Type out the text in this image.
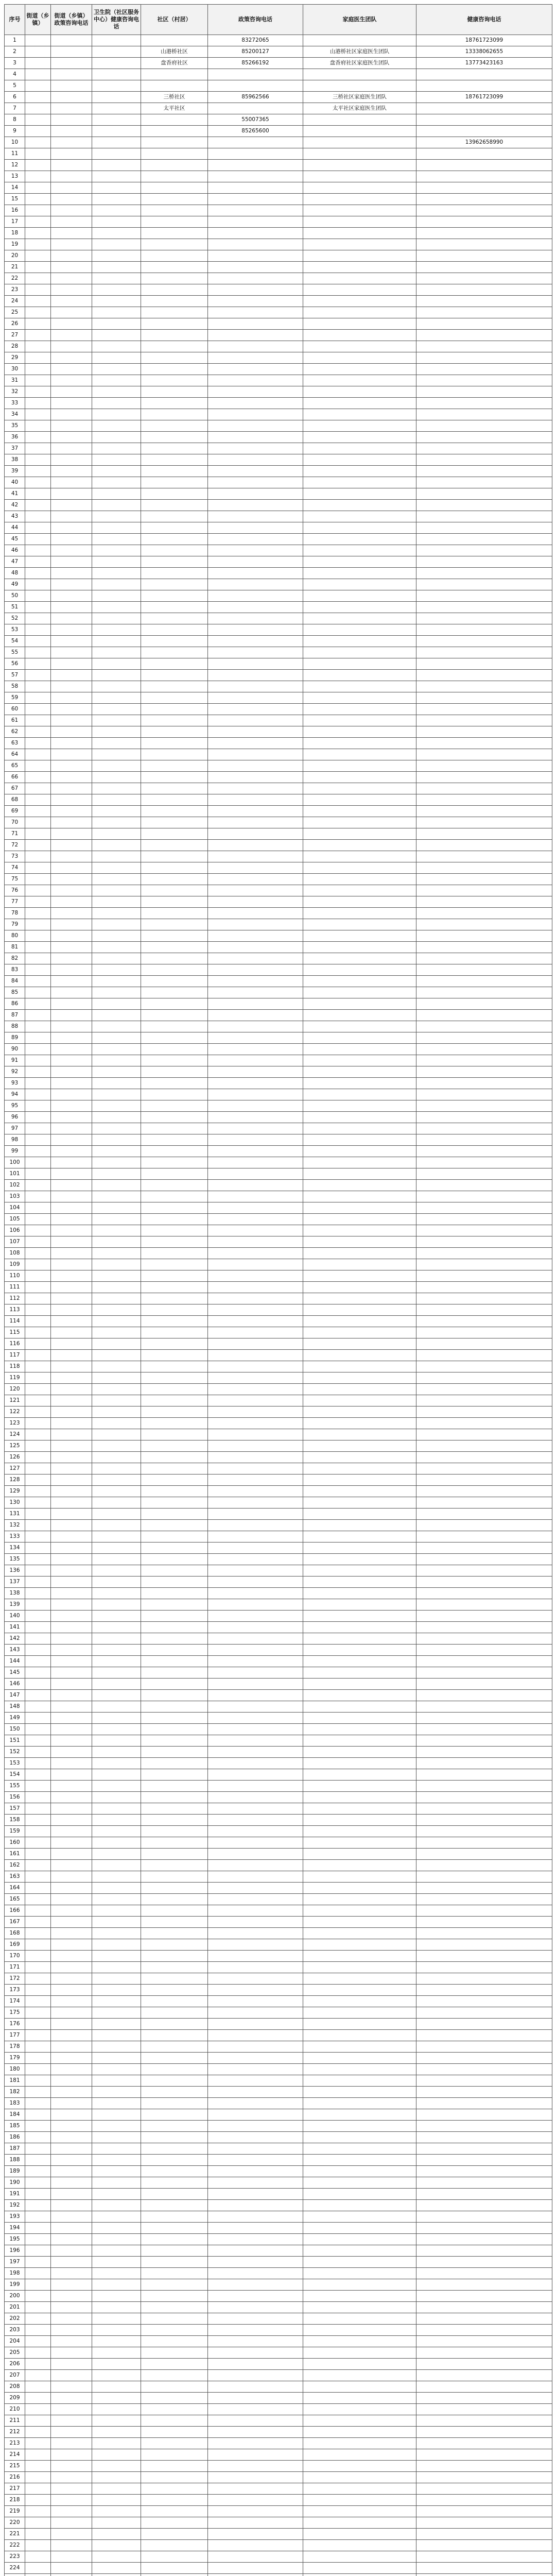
序号	街道（乡镇）	街道（乡镇）政策咨询电话	卫生院（社区服务中心）健康咨询电话	社区（村居）	政策咨询电话	家庭医生团队	健康咨询电话
1					83272065		18761723099
2				山港桥社区	85200127	山港桥社区家庭医生团队	13338062655
3				盘香府社区	85266192	盘香府社区家庭医生团队	13773423163
4							
5							
6				三桥社区	85962566	三桥社区家庭医生团队	18761723099
7				太平社区		太平社区家庭医生团队	
8					55007365		
9					85265600		
10							13962658990
11							
12							
13							
14							
15							
16							
17							
18							
19							
20							
21							
22							
23							
24							
25							
26							
27							
28							
29							
30							
31							
32							
33							
34							
35							
36							
37							
38							
39							
40							
41							
42							
43							
44							
45							
46							
47							
48							
49							
50							
51							
52							
53							
54							
55							
56							
57							
58							
59							
60							
61							
62							
63							
64							
65							
66							
67							
68							
69							
70							
71							
72							
73							
74							
75							
76							
77							
78							
79							
80							
81							
82							
83							
84							
85							
86							
87							
88							
89							
90							
91							
92							
93							
94							
95							
96							
97							
98							
99							
100							
101							
102							
103							
104							
105							
106							
107							
108							
109							
110							
111							
112							
113							
114							
115							
116							
117							
118							
119							
120							
121							
122							
123							
124							
125							
126							
127							
128							
129							
130							
131							
132							
133							
134							
135							
136							
137							
138							
139							
140							
141							
142							
143							
144							
145							
146							
147							
148							
149							
150							
151							
152							
153							
154							
155							
156							
157							
158							
159							
160							
161							
162							
163							
164							
165							
166							
167							
168							
169							
170							
171							
172							
173							
174							
175							
176							
177							
178							
179							
180							
181							
182							
183							
184							
185							
186							
187							
188							
189							
190							
191							
192							
193							
194							
195							
196							
197							
198							
199							
200							
201							
202							
203							
204							
205							
206							
207							
208							
209							
210							
211							
212							
213							
214							
215							
216							
217							
218							
219							
220							
221							
222							
223							
224							
